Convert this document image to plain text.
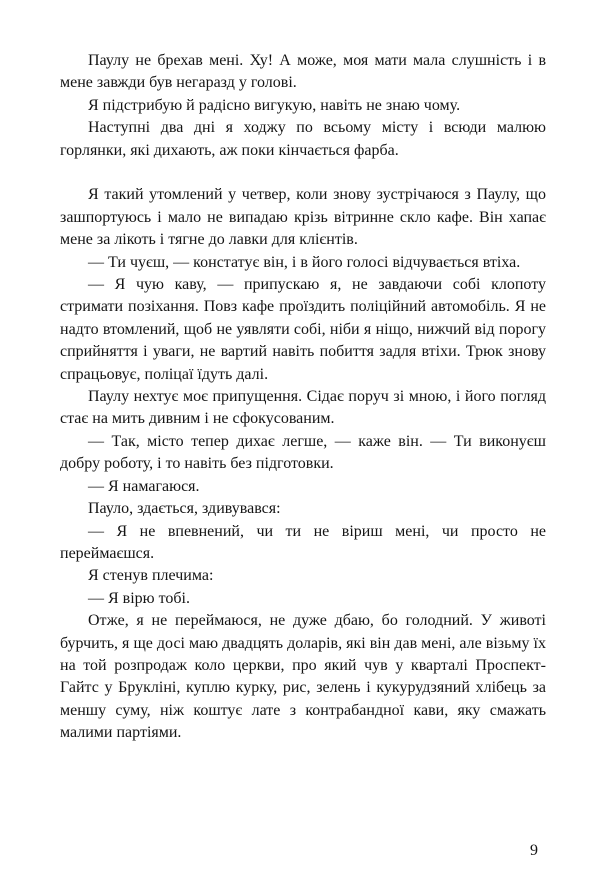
Паулу не брехав мені. Ху! А може, моя мати мала слушність і в мене завжди був негаразд у голові.

Я підстрибую й радісно вигукую, навіть не знаю чому.

Наступні два дні я ходжу по всьому місту і всюди малюю горлянки, які дихають, аж поки кінчається фарба.

Я такий утомлений у четвер, коли знову зустрічаюся з Паулу, що зашпортуюсь і мало не випадаю крізь вітринне скло кафе. Він хапає мене за лікоть і тягне до лавки для клієнтів.

— Ти чуєш, — констатує він, і в його голосі відчувається втіха.

— Я чую каву, — припускаю я, не завдаючи собі клопоту стримати позіхання. Повз кафе проїздить поліційний автомобіль. Я не надто втомлений, щоб не уявляти собі, ніби я ніщо, нижчий від порогу сприйняття і уваги, не вартий навіть побиття задля втіхи. Трюк знову спрацьовує, поліцаї їдуть далі.

Паулу нехтує моє припущення. Сідає поруч зі мною, і його погляд стає на мить дивним і не сфокусованим.

— Так, місто тепер дихає легше, — каже він. — Ти виконуєш добру роботу, і то навіть без підготовки.

— Я намагаюся.

Пауло, здається, здивувався:

— Я не впевнений, чи ти не віриш мені, чи просто не переймаєшся.

Я стенув плечима:

— Я вірю тобі.

Отже, я не переймаюся, не дуже дбаю, бо голодний. У животі бурчить, я ще досі маю двадцять доларів, які він дав мені, але візьму їх на той розпродаж коло церкви, про який чув у кварталі Проспект-Гайтс у Брукліні, куплю курку, рис, зелень і кукурудзяний хлібець за меншу суму, ніж коштує лате з контрабандної кави, яку смажать малими партіями.

9
